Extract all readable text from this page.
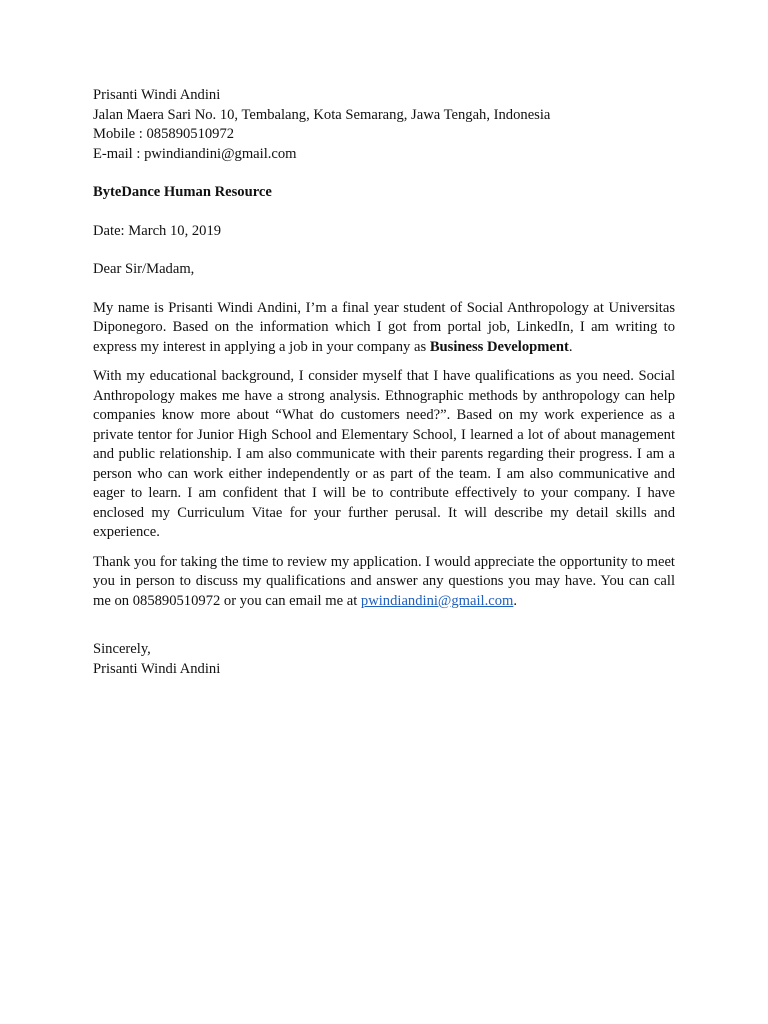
Prisanti Windi Andini
Jalan Maera Sari No. 10, Tembalang, Kota Semarang, Jawa Tengah, Indonesia
Mobile : 085890510972
E-mail : pwindiandini@gmail.com
ByteDance Human Resource
Date: March 10, 2019
Dear Sir/Madam,

My name is Prisanti Windi Andini, I’m a final year student of Social Anthropology at Universitas Diponegoro. Based on the information which I got from portal job, LinkedIn, I am writing to express my interest in applying a job in your company as Business Development.

With my educational background, I consider myself that I have qualifications as you need. Social Anthropology makes me have a strong analysis. Ethnographic methods by anthropology can help companies know more about “What do customers need?”. Based on my work experience as a private tentor for Junior High School and Elementary School, I learned a lot of about management and public relationship. I am also communicate with their parents regarding their progress. I am a person who can work either independently or as part of the team. I am also communicative and eager to learn. I am confident that I will be to contribute effectively to your company. I have enclosed my Curriculum Vitae for your further perusal. It will describe my detail skills and experience.

Thank you for taking the time to review my application. I would appreciate the opportunity to meet you in person to discuss my qualifications and answer any questions you may have. You can call me on 085890510972 or you can email me at pwindiandini@gmail.com.

Sincerely,
Prisanti Windi Andini
